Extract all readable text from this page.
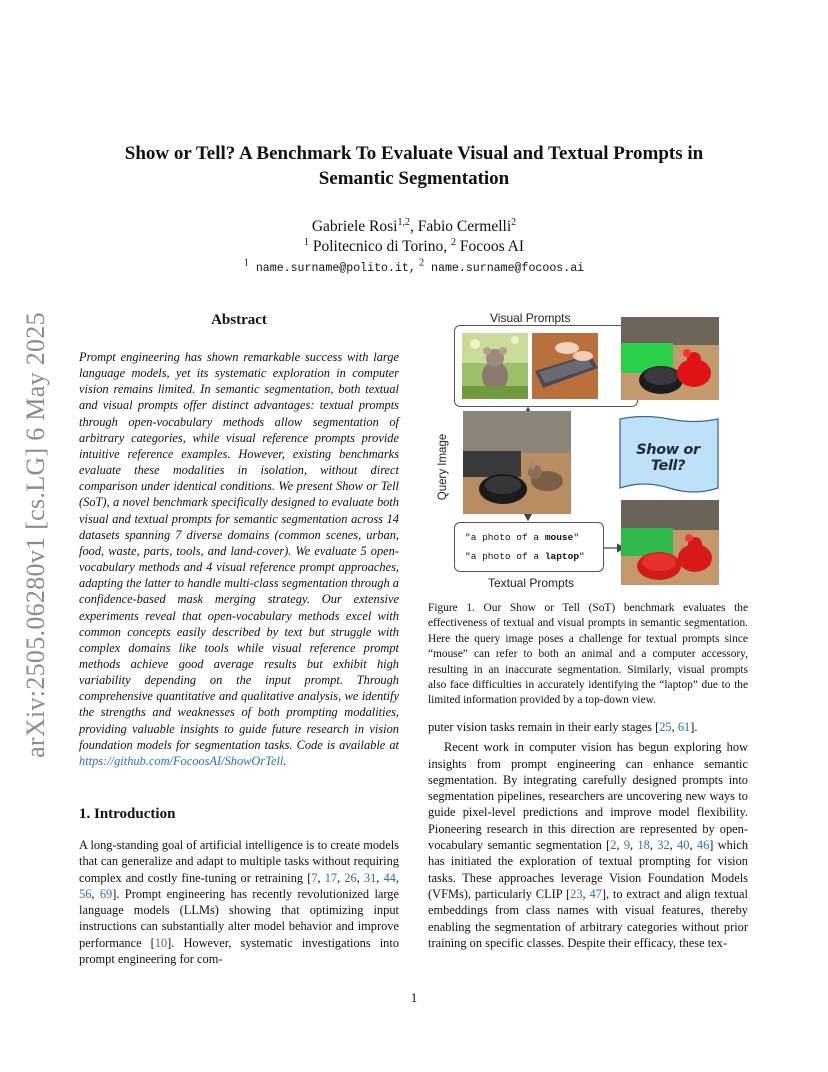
arXiv:2505.06280v1 [cs.LG] 6 May 2025
Show or Tell? A Benchmark To Evaluate Visual and Textual Prompts in
Semantic Segmentation
Gabriele Rosi$^{1,2}$, Fabio Cermelli$^2$
$^1$ Politecnico di Torino, $^2$ Focoos AI
$^1$ name.surname@polito.it, $^2$ name.surname@focoos.ai
Abstract
Prompt engineering has shown remarkable success with large language models, yet its systematic exploration in computer vision remains limited. In semantic segmentation, both textual and visual prompts offer distinct advantages: textual prompts through open-vocabulary methods allow segmentation of arbitrary categories, while visual reference prompts provide intuitive reference examples. However, existing benchmarks evaluate these modalities in isolation, without direct comparison under identical conditions. We present Show or Tell (SoT), a novel benchmark specifically designed to evaluate both visual and textual prompts for semantic segmentation across 14 datasets spanning 7 diverse domains (common scenes, urban, food, waste, parts, tools, and land-cover). We evaluate 5 open-vocabulary methods and 4 visual reference prompt approaches, adapting the latter to handle multi-class segmentation through a confidence-based mask merging strategy. Our extensive experiments reveal that open-vocabulary methods excel with common concepts easily described by text but struggle with complex domains like tools while visual reference prompt methods achieve good average results but exhibit high variability depending on the input prompt. Through comprehensive quantitative and qualitative analysis, we identify the strengths and weaknesses of both prompting modalities, providing valuable insights to guide future research in vision foundation models for segmentation tasks. Code is available at https://github.com/FocoosAI/ShowOrTell.
1. Introduction
A long-standing goal of artificial intelligence is to create models that can generalize and adapt to multiple tasks without requiring complex and costly fine-tuning or retraining [7, 17, 26, 31, 44, 56, 69]. Prompt engineering has recently revolutionized large language models (LLMs) showing that optimizing input instructions can substantially alter model behavior and improve performance [10]. However, systematic investigations into prompt engineering for com-
Visual Prompts
Query Image	Show or Tell?
"a photo of a mouse"
"a photo of a laptop"
Textual Prompts
Figure 1. Our Show or Tell (SoT) benchmark evaluates the effectiveness of textual and visual prompts in semantic segmentation. Here the query image poses a challenge for textual prompts since “mouse” can refer to both an animal and a computer accessory, resulting in an inaccurate segmentation. Similarly, visual prompts also face difficulties in accurately identifying the “laptop” due to the limited information provided by a top-down view.

puter vision tasks remain in their early stages [25, 61].

Recent work in computer vision has begun exploring how insights from prompt engineering can enhance semantic segmentation. By integrating carefully designed prompts into segmentation pipelines, researchers are uncovering new ways to guide pixel-level predictions and improve model flexibility. Pioneering research in this direction are represented by open-vocabulary semantic segmentation [2, 9, 18, 32, 40, 46] which has initiated the exploration of textual prompting for vision tasks. These approaches leverage Vision Foundation Models (VFMs), particularly CLIP [23, 47], to extract and align textual embeddings from class names with visual features, thereby enabling the segmentation of arbitrary categories without prior training on specific classes. Despite their efficacy, these tex-

1
